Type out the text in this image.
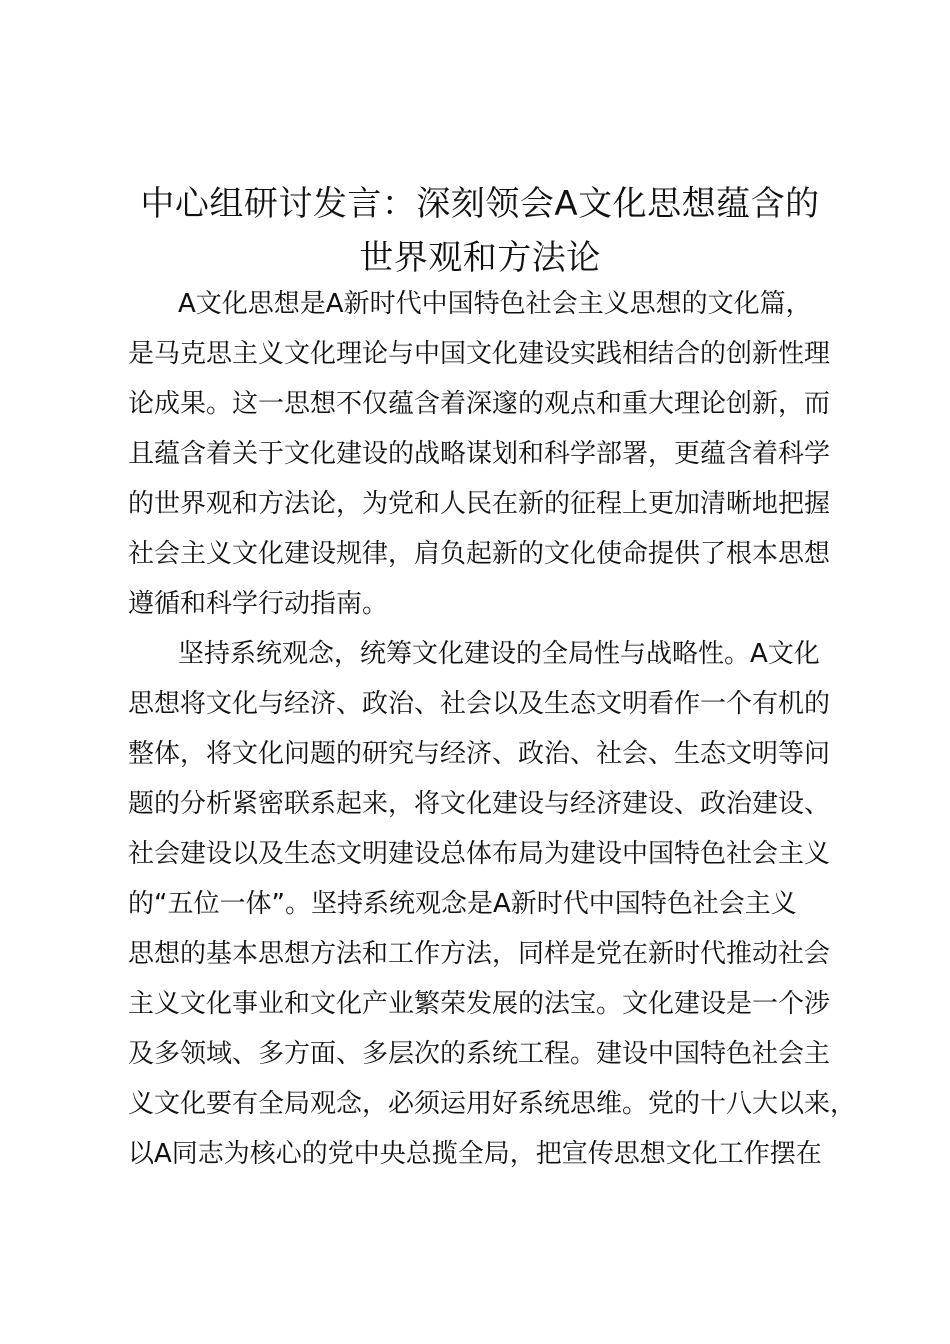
中心组研讨发言：深刻领会A文化思想蕴含的
世界观和方法论
A文化思想是A新时代中国特色社会主义思想的文化篇，
是马克思主义文化理论与中国文化建设实践相结合的创新性理
论成果。这一思想不仅蕴含着深邃的观点和重大理论创新，而
且蕴含着关于文化建设的战略谋划和科学部署，更蕴含着科学
的世界观和方法论，为党和人民在新的征程上更加清晰地把握
社会主义文化建设规律，肩负起新的文化使命提供了根本思想
遵循和科学行动指南。
坚持系统观念，统筹文化建设的全局性与战略性。A文化
思想将文化与经济、政治、社会以及生态文明看作一个有机的
整体，将文化问题的研究与经济、政治、社会、生态文明等问
题的分析紧密联系起来，将文化建设与经济建设、政治建设、
社会建设以及生态文明建设总体布局为建设中国特色社会主义
的“五位一体”。坚持系统观念是A新时代中国特色社会主义
思想的基本思想方法和工作方法，同样是党在新时代推动社会
主义文化事业和文化产业繁荣发展的法宝。文化建设是一个涉
及多领域、多方面、多层次的系统工程。建设中国特色社会主
义文化要有全局观念，必须运用好系统思维。党的十八大以来，
以A同志为核心的党中央总揽全局，把宣传思想文化工作摆在
